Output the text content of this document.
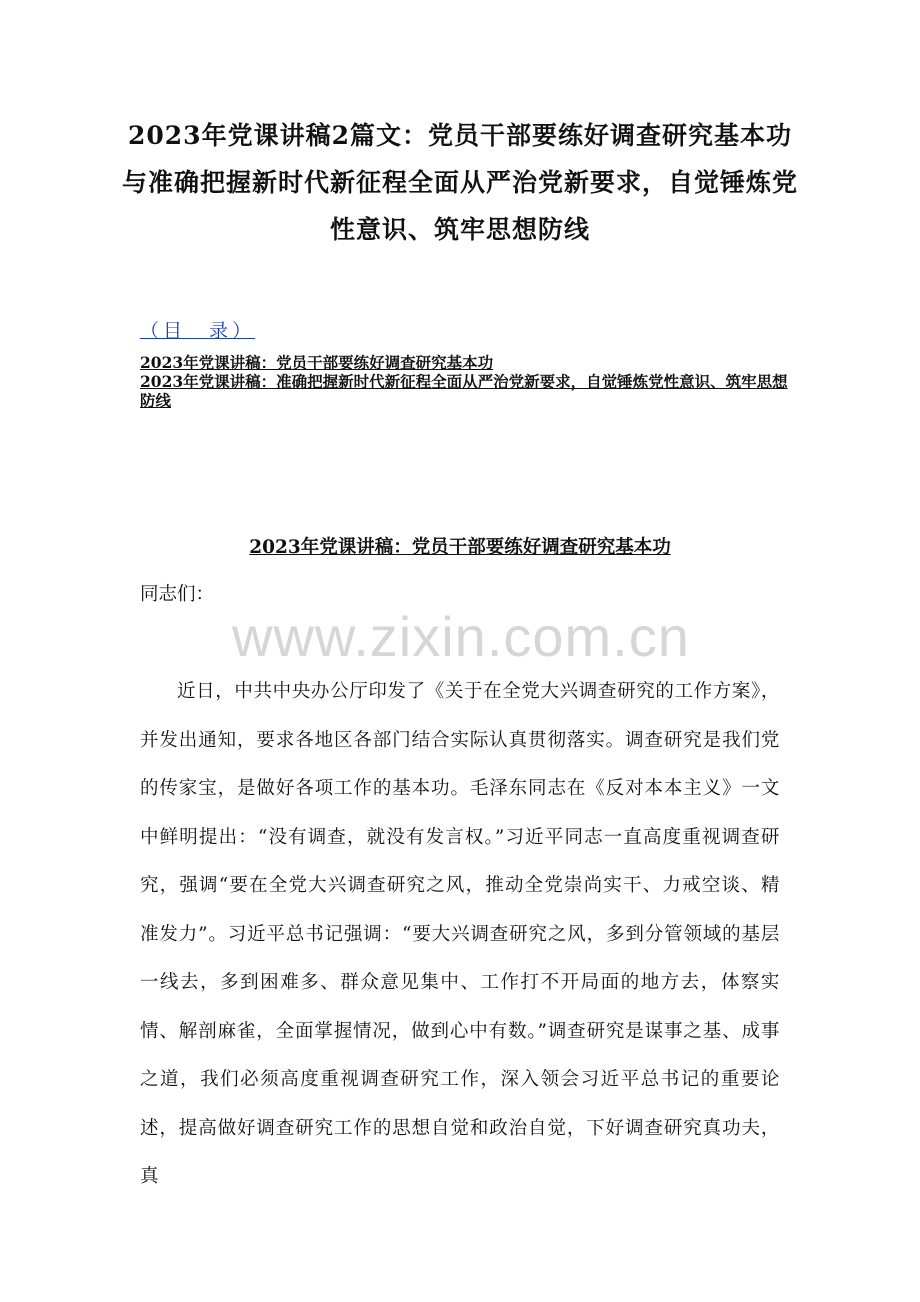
2023年党课讲稿2篇文：党员干部要练好调查研究基本功与准确把握新时代新征程全面从严治党新要求，自觉锤炼党性意识、筑牢思想防线
（目　录）
2023年党课讲稿：党员干部要练好调查研究基本功
2023年党课讲稿：准确把握新时代新征程全面从严治党新要求，自觉锤炼党性意识、筑牢思想防线
2023年党课讲稿：党员干部要练好调查研究基本功

同志们：

www.zixin.com.cn

近日，中共中央办公厅印发了《关于在全党大兴调查研究的工作方案》，并发出通知，要求各地区各部门结合实际认真贯彻落实。调查研究是我们党的传家宝，是做好各项工作的基本功。毛泽东同志在《反对本本主义》一文中鲜明提出：“没有调查，就没有发言权。”习近平同志一直高度重视调查研究，强调“要在全党大兴调查研究之风，推动全党崇尚实干、力戒空谈、精准发力”。习近平总书记强调：“要大兴调查研究之风，多到分管领域的基层一线去，多到困难多、群众意见集中、工作打不开局面的地方去，体察实情、解剖麻雀，全面掌握情况，做到心中有数。”调查研究是谋事之基、成事之道，我们必须高度重视调查研究工作，深入领会习近平总书记的重要论述，提高做好调查研究工作的思想自觉和政治自觉，下好调查研究真功夫，真
